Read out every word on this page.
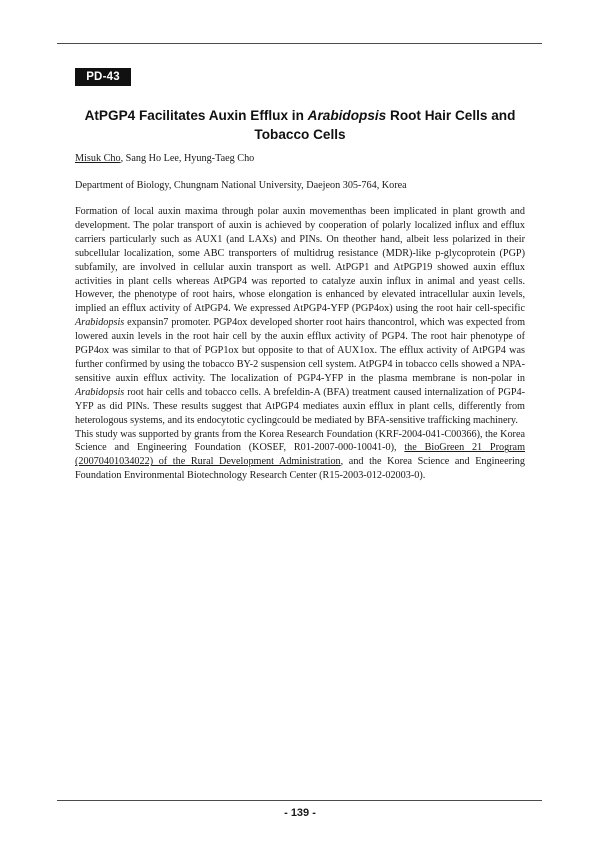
PD-43
AtPGP4 Facilitates Auxin Efflux in Arabidopsis Root Hair Cells and Tobacco Cells
Misuk Cho, Sang Ho Lee, Hyung-Taeg Cho
Department of Biology, Chungnam National University, Daejeon 305-764, Korea

Formation of local auxin maxima through polar auxin movementhas been implicated in plant growth and development. The polar transport of auxin is achieved by cooperation of polarly localized influx and efflux carriers particularly such as AUX1 (and LAXs) and PINs. On theother hand, albeit less polarized in their subcellular localization, some ABC transporters of multidrug resistance (MDR)-like p-glycoprotein (PGP) subfamily, are involved in cellular auxin transport as well. AtPGP1 and AtPGP19 showed auxin efflux activities in plant cells whereas AtPGP4 was reported to catalyze auxin influx in animal and yeast cells. However, the phenotype of root hairs, whose elongation is enhanced by elevated intracellular auxin levels, implied an efflux activity of AtPGP4. We expressed AtPGP4-YFP (PGP4ox) using the root hair cell-specific Arabidopsis expansin7 promoter. PGP4ox developed shorter root hairs thancontrol, which was expected from lowered auxin levels in the root hair cell by the auxin efflux activity of PGP4. The root hair phenotype of PGP4ox was similar to that of PGP1ox but opposite to that of AUX1ox. The efflux activity of AtPGP4 was further confirmed by using the tobacco BY-2 suspension cell system. AtPGP4 in tobacco cells showed a NPA-sensitive auxin efflux activity. The localization of PGP4-YFP in the plasma membrane is non-polar in Arabidopsis root hair cells and tobacco cells. A brefeldin-A (BFA) treatment caused internalization of PGP4-YFP as did PINs. These results suggest that AtPGP4 mediates auxin efflux in plant cells, differently from heterologous systems, and its endocytotic cyclingcould be mediated by BFA-sensitive trafficking machinery.

This study was supported by grants from the Korea Research Foundation (KRF-2004-041-C00366), the Korea Science and Engineering Foundation (KOSEF, R01-2007-000-10041-0), the BioGreen 21 Program (20070401034022) of the Rural Development Administration, and the Korea Science and Engineering Foundation Environmental Biotechnology Research Center (R15-2003-012-02003-0).

- 139 -
